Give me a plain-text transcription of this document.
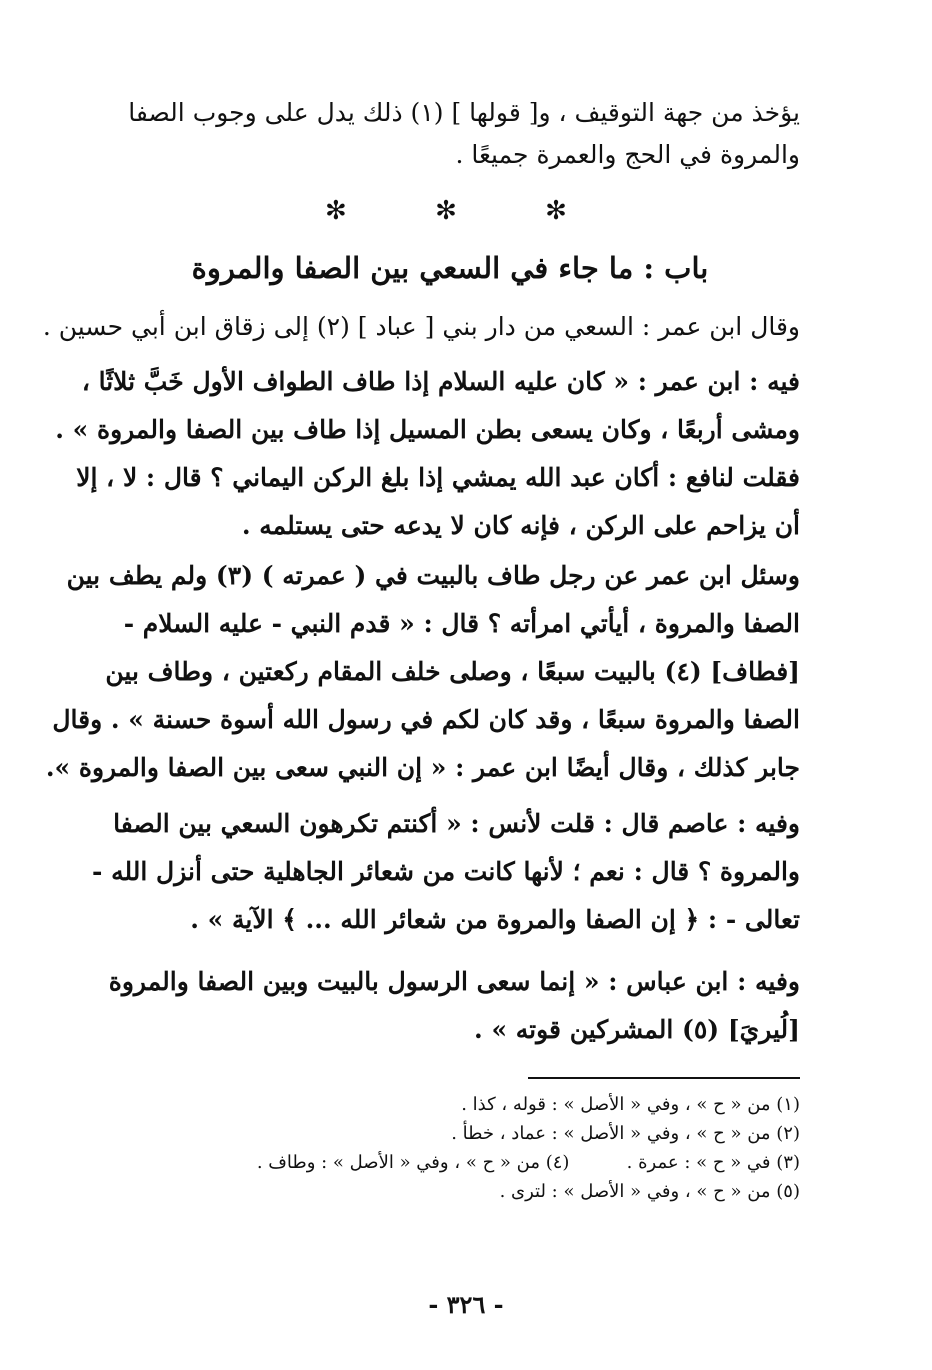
يؤخذ من جهة التوقيف ، و[ قولها ] (١) ذلك يدل على وجوب الصفا
والمروة في الحج والعمرة جميعًا .
✻ ✻ ✻
باب : ما جاء في السعي بين الصفا والمروة
وقال ابن عمر : السعي من دار بني [ عباد ] (٢) إلى زقاق ابن أبي حسين .
فيه : ابن عمر : « كان عليه السلام إذا طاف الطواف الأول خَبَّ ثلاثًا ،
ومشى أربعًا ، وكان يسعى بطن المسيل إذا طاف بين الصفا والمروة » .
فقلت لنافع : أكان عبد الله يمشي إذا بلغ الركن اليماني ؟ قال : لا ، إلا
أن يزاحم على الركن ، فإنه كان لا يدعه حتى يستلمه .
وسئل ابن عمر عن رجل طاف بالبيت في ( عمرته ) (٣) ولم يطف بين
الصفا والمروة ، أيأتي امرأته ؟ قال : « قدم النبي - عليه السلام -
[فطاف] (٤) بالبيت سبعًا ، وصلى خلف المقام ركعتين ، وطاف بين
الصفا والمروة سبعًا ، وقد كان لكم في رسول الله أسوة حسنة » . وقال
جابر كذلك ، وقال أيضًا ابن عمر : « إن النبي سعى بين الصفا والمروة ».
وفيه : عاصم قال : قلت لأنس : « أكنتم تكرهون السعي بين الصفا
والمروة ؟ قال : نعم ؛ لأنها كانت من شعائر الجاهلية حتى أنزل الله -
تعالى - : ﴿ إن الصفا والمروة من شعائر الله ... ﴾ الآية » .
وفيه : ابن عباس : « إنما سعى الرسول بالبيت وبين الصفا والمروة
[لُيريَ] (٥) المشركين قوته » .
(١) من « ح » ، وفي « الأصل » : قوله ، كذا .
(٢) من « ح » ، وفي « الأصل » : عماد ، خطأ .
(٣) في « ح » : عمرة .          (٤) من « ح » ، وفي « الأصل » : وطاف .
(٥) من « ح » ، وفي « الأصل » : لترى .
- ٣٢٦ -
